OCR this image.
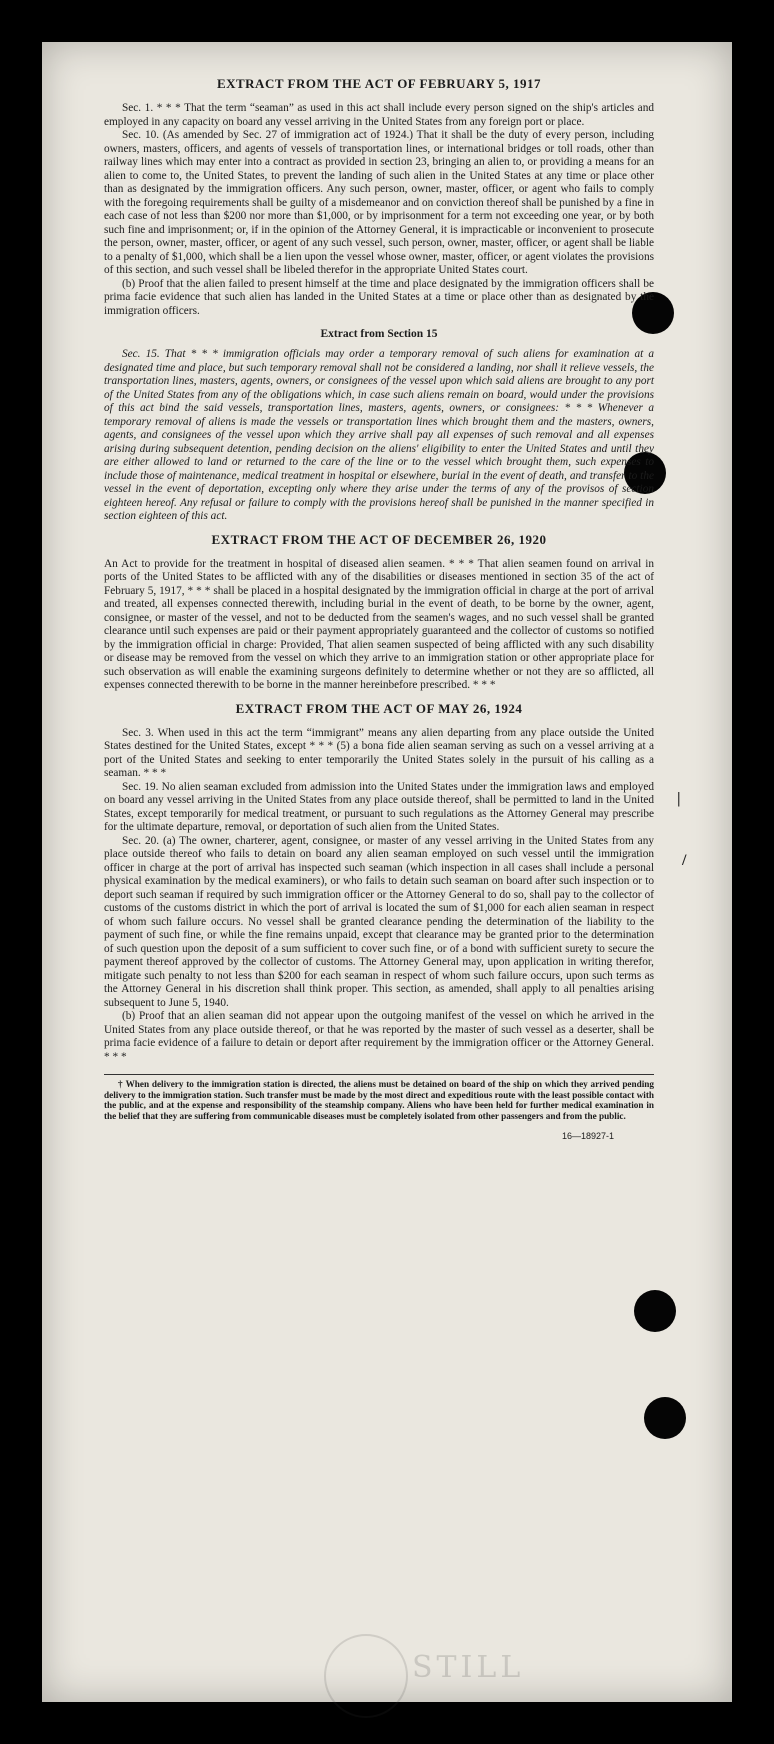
|
/
STILL
EXTRACT FROM THE ACT OF FEBRUARY 5, 1917

Sec. 1. * * * That the term “seaman” as used in this act shall include every person signed on the ship's articles and employed in any capacity on board any vessel arriving in the United States from any foreign port or place.

Sec. 10. (As amended by Sec. 27 of immigration act of 1924.) That it shall be the duty of every person, including owners, masters, officers, and agents of vessels of transportation lines, or international bridges or toll roads, other than railway lines which may enter into a contract as provided in section 23, bringing an alien to, or providing a means for an alien to come to, the United States, to prevent the landing of such alien in the United States at any time or place other than as designated by the immigration officers. Any such person, owner, master, officer, or agent who fails to comply with the foregoing requirements shall be guilty of a misdemeanor and on conviction thereof shall be punished by a fine in each case of not less than $200 nor more than $1,000, or by imprisonment for a term not exceeding one year, or by both such fine and imprisonment; or, if in the opinion of the Attorney General, it is impracticable or inconvenient to prosecute the person, owner, master, officer, or agent of any such vessel, such person, owner, master, officer, or agent shall be liable to a penalty of $1,000, which shall be a lien upon the vessel whose owner, master, officer, or agent violates the provisions of this section, and such vessel shall be libeled therefor in the appropriate United States court.

(b) Proof that the alien failed to present himself at the time and place designated by the immigration officers shall be prima facie evidence that such alien has landed in the United States at a time or place other than as designated by the immigration officers.

Extract from Section 15

Sec. 15. That * * * immigration officials may order a temporary removal of such aliens for examination at a designated time and place, but such temporary removal shall not be considered a landing, nor shall it relieve vessels, the transportation lines, masters, agents, owners, or consignees of the vessel upon which said aliens are brought to any port of the United States from any of the obligations which, in case such aliens remain on board, would under the provisions of this act bind the said vessels, transportation lines, masters, agents, owners, or consignees: * * * Whenever a temporary removal of aliens is made the vessels or transportation lines which brought them and the masters, owners, agents, and consignees of the vessel upon which they arrive shall pay all expenses of such removal and all expenses arising during subsequent detention, pending decision on the aliens' eligibility to enter the United States and until they are either allowed to land or returned to the care of the line or to the vessel which brought them, such expenses to include those of maintenance, medical treatment in hospital or elsewhere, burial in the event of death, and transfer to the vessel in the event of deportation, excepting only where they arise under the terms of any of the provisos of section eighteen hereof. Any refusal or failure to comply with the provisions hereof shall be punished in the manner specified in section eighteen of this act.

EXTRACT FROM THE ACT OF DECEMBER 26, 1920

An Act to provide for the treatment in hospital of diseased alien seamen. * * * That alien seamen found on arrival in ports of the United States to be afflicted with any of the disabilities or diseases mentioned in section 35 of the act of February 5, 1917, * * * shall be placed in a hospital designated by the immigration official in charge at the port of arrival and treated, all expenses connected therewith, including burial in the event of death, to be borne by the owner, agent, consignee, or master of the vessel, and not to be deducted from the seamen's wages, and no such vessel shall be granted clearance until such expenses are paid or their payment appropriately guaranteed and the collector of customs so notified by the immigration official in charge: Provided, That alien seamen suspected of being afflicted with any such disability or disease may be removed from the vessel on which they arrive to an immigration station or other appropriate place for such observation as will enable the examining surgeons definitely to determine whether or not they are so afflicted, all expenses connected therewith to be borne in the manner hereinbefore prescribed. * * *

EXTRACT FROM THE ACT OF MAY 26, 1924

Sec. 3. When used in this act the term “immigrant” means any alien departing from any place outside the United States destined for the United States, except * * * (5) a bona fide alien seaman serving as such on a vessel arriving at a port of the United States and seeking to enter temporarily the United States solely in the pursuit of his calling as a seaman. * * *

Sec. 19. No alien seaman excluded from admission into the United States under the immigration laws and employed on board any vessel arriving in the United States from any place outside thereof, shall be permitted to land in the United States, except temporarily for medical treatment, or pursuant to such regulations as the Attorney General may prescribe for the ultimate departure, removal, or deportation of such alien from the United States.

Sec. 20. (a) The owner, charterer, agent, consignee, or master of any vessel arriving in the United States from any place outside thereof who fails to detain on board any alien seaman employed on such vessel until the immigration officer in charge at the port of arrival has inspected such seaman (which inspection in all cases shall include a personal physical examination by the medical examiners), or who fails to detain such seaman on board after such inspection or to deport such seaman if required by such immigration officer or the Attorney General to do so, shall pay to the collector of customs of the customs district in which the port of arrival is located the sum of $1,000 for each alien seaman in respect of whom such failure occurs. No vessel shall be granted clearance pending the determination of the liability to the payment of such fine, or while the fine remains unpaid, except that clearance may be granted prior to the determination of such question upon the deposit of a sum sufficient to cover such fine, or of a bond with sufficient surety to secure the payment thereof approved by the collector of customs. The Attorney General may, upon application in writing therefor, mitigate such penalty to not less than $200 for each seaman in respect of whom such failure occurs, upon such terms as the Attorney General in his discretion shall think proper. This section, as amended, shall apply to all penalties arising subsequent to June 5, 1940.

(b) Proof that an alien seaman did not appear upon the outgoing manifest of the vessel on which he arrived in the United States from any place outside thereof, or that he was reported by the master of such vessel as a deserter, shall be prima facie evidence of a failure to detain or deport after requirement by the immigration officer or the Attorney General. * * *

† When delivery to the immigration station is directed, the aliens must be detained on board of the ship on which they arrived pending delivery to the immigration station. Such transfer must be made by the most direct and expeditious route with the least possible contact with the public, and at the expense and responsibility of the steamship company. Aliens who have been held for further medical examination in the belief that they are suffering from communicable diseases must be completely isolated from other passengers and from the public.

16—18927-1
